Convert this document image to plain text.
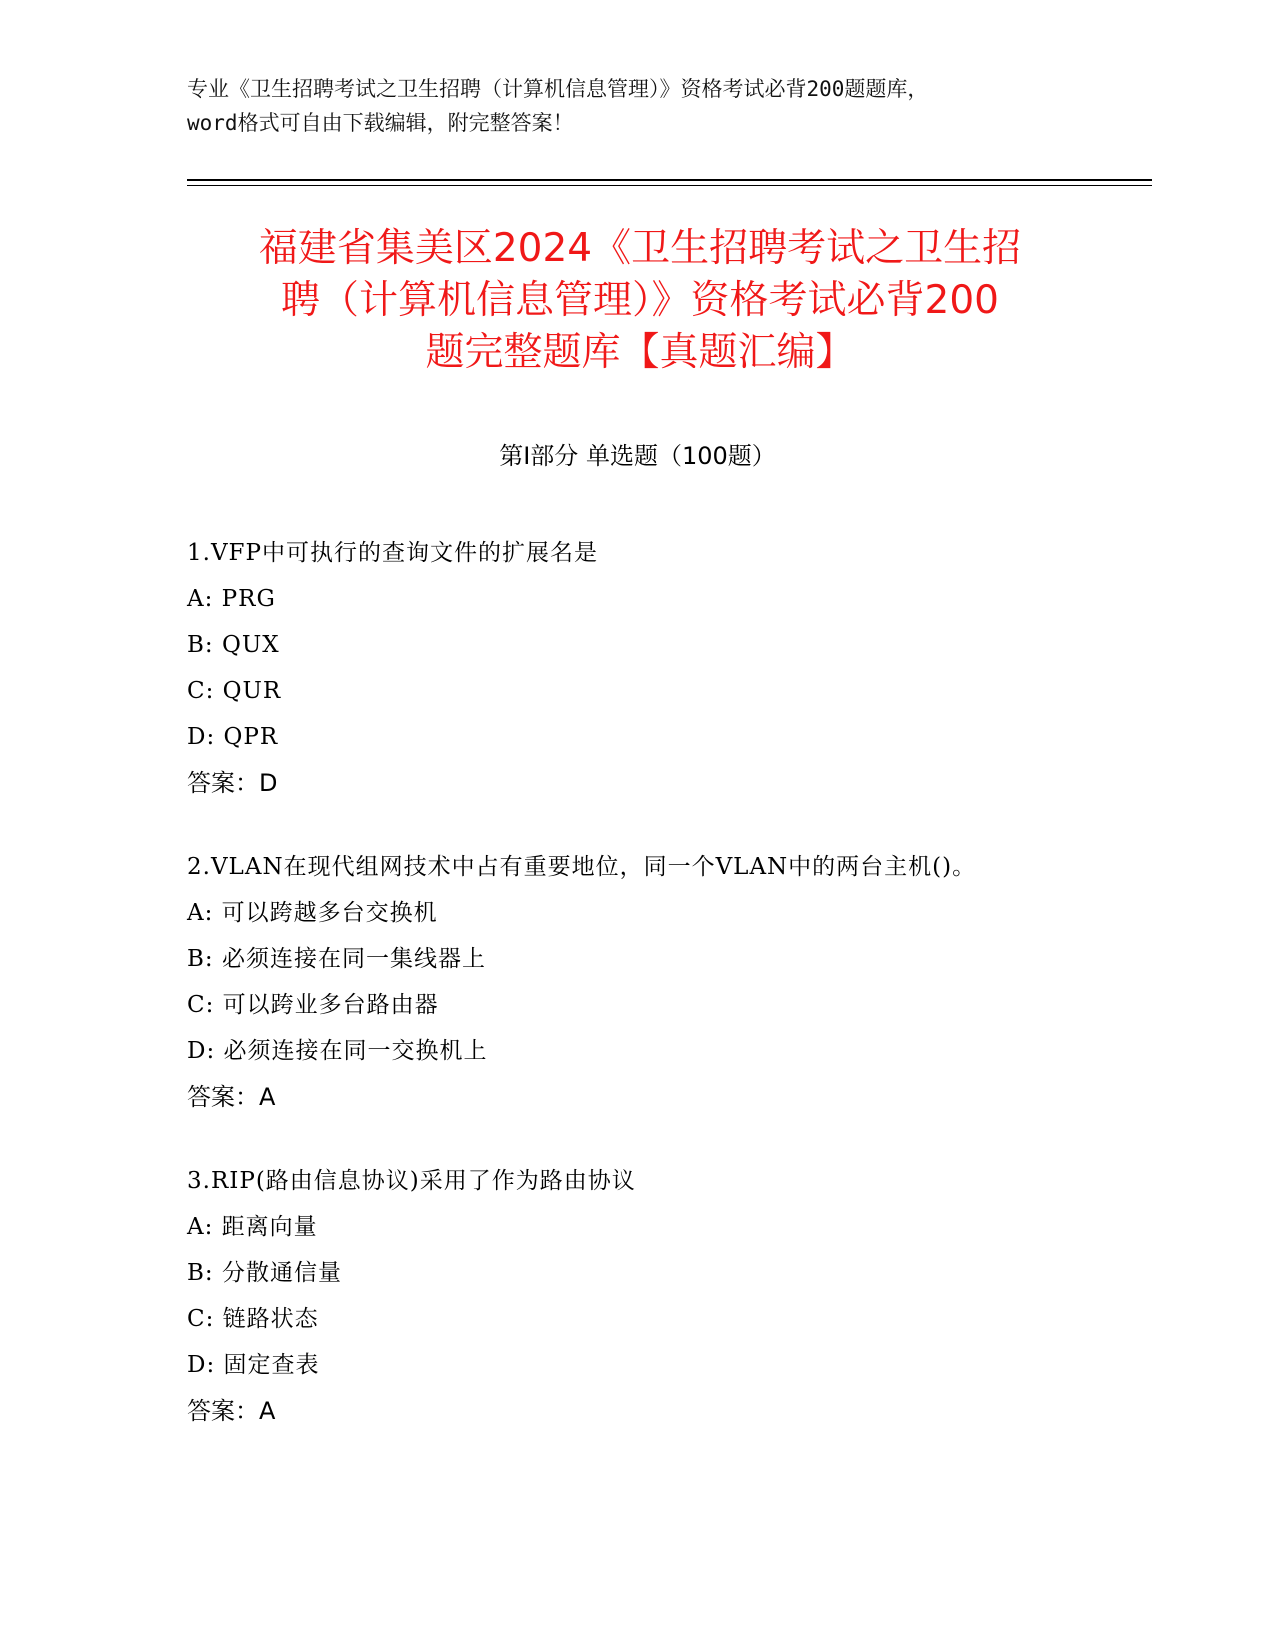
专业《卫生招聘考试之卫生招聘（计算机信息管理）》资格考试必背200题题库，
word格式可自由下载编辑，附完整答案！
福建省集美区2024《卫生招聘考试之卫生招
聘（计算机信息管理）》资格考试必背200
题完整题库【真题汇编】
第I部分 单选题（100题）
1.VFP中可执行的查询文件的扩展名是
A: PRG
B: QUX
C: QUR
D: QPR
答案：D
2.VLAN在现代组网技术中占有重要地位，同一个VLAN中的两台主机()。
A: 可以跨越多台交换机
B: 必须连接在同一集线器上
C: 可以跨业多台路由器
D: 必须连接在同一交换机上
答案：A
3.RIP(路由信息协议)采用了作为路由协议
A: 距离向量
B: 分散通信量
C: 链路状态
D: 固定查表
答案：A
